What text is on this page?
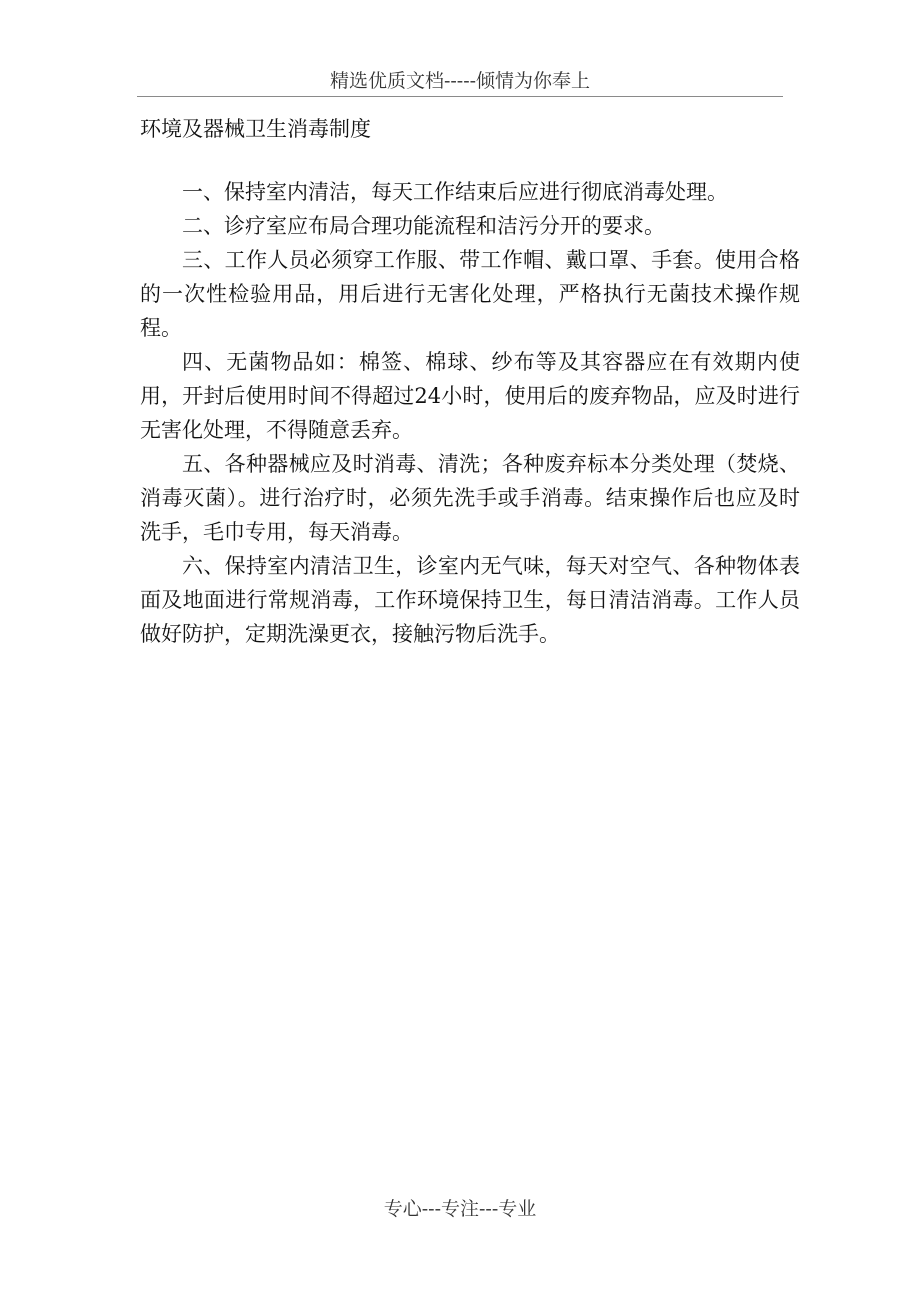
精选优质文档-----倾情为你奉上
环境及器械卫生消毒制度

一、保持室内清洁，每天工作结束后应进行彻底消毒处理。

二、诊疗室应布局合理功能流程和洁污分开的要求。

三、工作人员必须穿工作服、带工作帽、戴口罩、手套。使用合格的一次性检验用品，用后进行无害化处理，严格执行无菌技术操作规程。

四、无菌物品如：棉签、棉球、纱布等及其容器应在有效期内使用，开封后使用时间不得超过24小时，使用后的废弃物品，应及时进行无害化处理，不得随意丢弃。

五、各种器械应及时消毒、清洗；各种废弃标本分类处理（焚烧、消毒灭菌）。进行治疗时，必须先洗手或手消毒。结束操作后也应及时洗手，毛巾专用，每天消毒。

六、保持室内清洁卫生，诊室内无气味，每天对空气、各种物体表面及地面进行常规消毒，工作环境保持卫生，每日清洁消毒。工作人员做好防护，定期洗澡更衣，接触污物后洗手。

专心---专注---专业
